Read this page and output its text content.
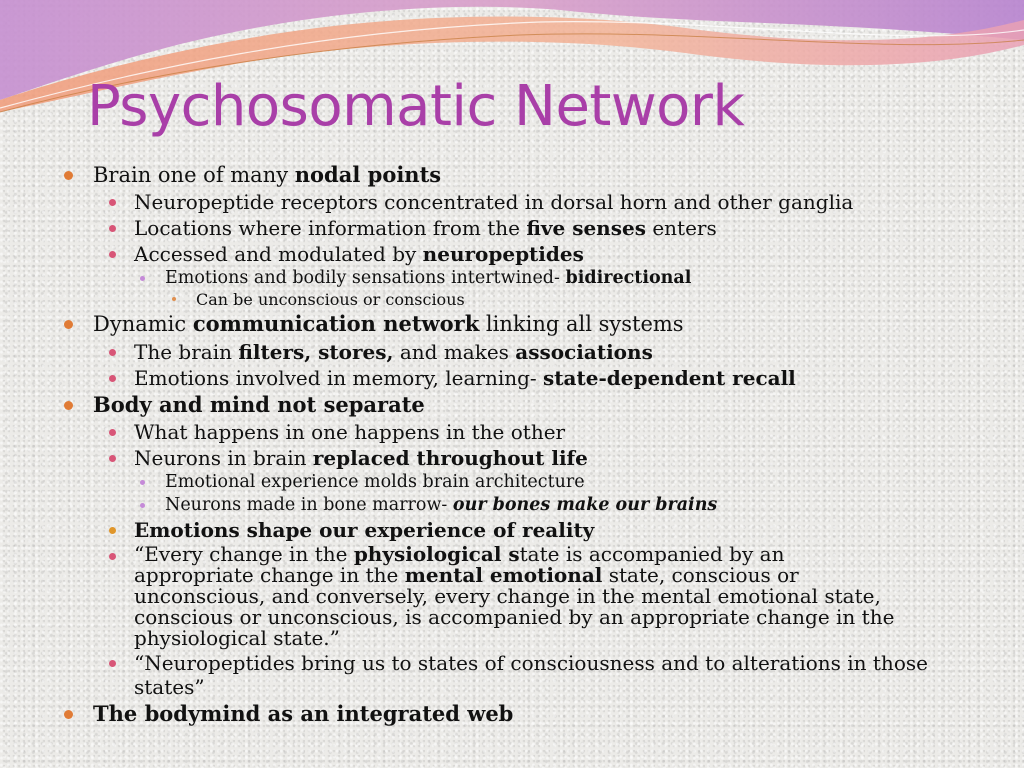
Psychosomatic Network
Brain one of many nodal points
Neuropeptide receptors concentrated in dorsal horn and other ganglia
Locations where information from the five senses enters
Accessed and modulated by neuropeptides
Emotions and bodily sensations intertwined- bidirectional
Can be unconscious or conscious
Dynamic communication network linking all systems
The brain filters, stores, and makes associations
Emotions involved in memory, learning- state-dependent recall
Body and mind not separate
What happens in one happens in the other
Neurons in brain replaced throughout life
Emotional experience molds brain architecture
Neurons made in bone marrow- our bones make our brains
Emotions shape our experience of reality
“Every change in the physiological state is accompanied by an appropriate change in the mental emotional state, conscious or unconscious, and conversely, every change in the mental emotional state, conscious or unconscious, is accompanied by an appropriate change in the physiological state.”
“Neuropeptides bring us to states of consciousness and to alterations in those states”
The bodymind as an integrated web
